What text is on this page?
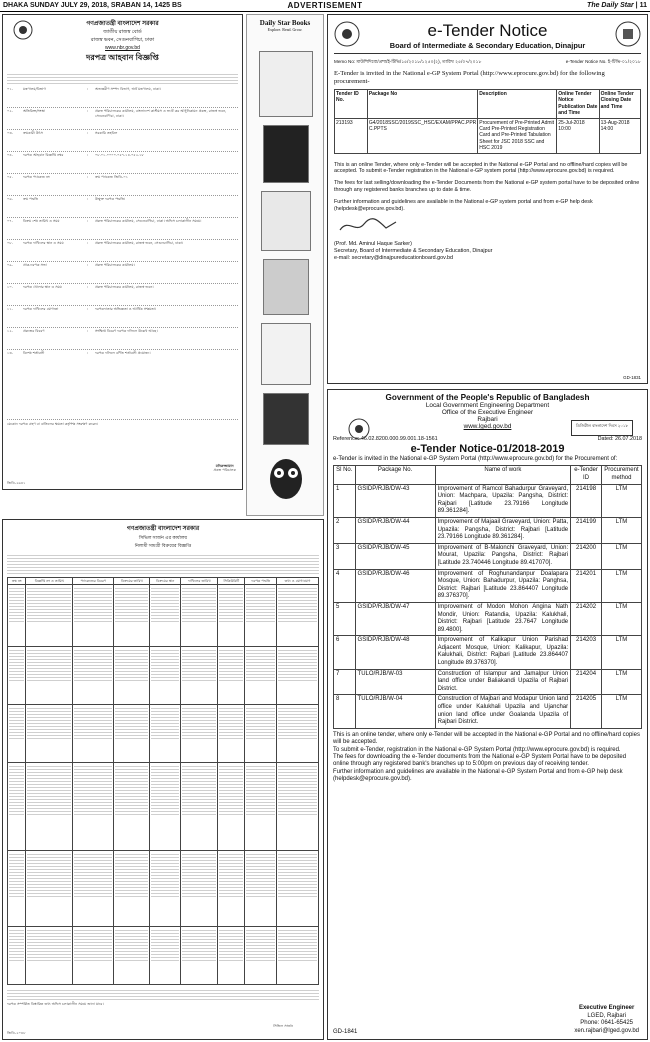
DHAKA SUNDAY JULY 29, 2018, SRABAN 14, 1425 BS	ADVERTISEMENT	The Daily Star | 11
গণপ্রজাতন্ত্রী বাংলাদেশ সরকার
জাতীয় রাজস্ব বোর্ড
রাজস্ব ভবন, সেগুনবাগিচা, ঢাকা
www.nbr.gov.bd
দরপত্র আহবান বিজ্ঞপ্তি
০১.	মন্ত্রণালয়/বিভাগ	:	অভ্যন্তরীণ সম্পদ বিভাগ, অর্থ মন্ত্রণালয়, ঢাকা।
০২.	অতিরিক্ত/সংস্থা	:	প্রকল্প পরিচালকের কার্যালয়, বাংলাদেশ কাস্টমস ও ভ্যাট কর আধুনিকায়ন প্রকল্প, রাজস্ব ভবন, সেগুনবাগিচা, ঢাকা।
০৩.	ক্রয়কারী উৎস	:	সরকারি তহবিল
০৪.	দরপত্র আহবান বিজ্ঞপ্তি নম্বর	:	০৮.০১.০০০০.০৫৭.১৪.০৫২.১৮
০৫.	দরপত্র প্যাকেজ নং	:	ক্রয় প্যাকেজ জিডি-০১
০৬.	ক্রয় পদ্ধতি	:	উন্মুক্ত দরপত্র পদ্ধতি।
০৭.	বিক্রয় শেষ তারিখ ও সময়	:	প্রকল্প পরিচালকের কার্যালয়, সেগুনবাগিচা, ঢাকা। অফিস চলাকালীন সময়ে।
০৮.	দরপত্র দাখিলের স্থান ও সময়	:	প্রকল্প পরিচালকের কার্যালয়, রাজস্ব ভবন, সেগুনবাগিচা, ঢাকা।
০৯.	প্রাক-দরপত্র সভা	:	প্রকল্প পরিচালকের কার্যালয়।
১০.	দরপত্র খোলার স্থান ও সময়	:	প্রকল্প পরিচালকের কার্যালয়, রাজস্ব ভবন।
১১.	দরপত্র দাখিলের যোগ্যতা	:	দরপত্রদাতার অভিজ্ঞতা ও আর্থিক সক্ষমতা।
১২.	প্রকল্পের বিবরণ	:	সংক্ষিপ্ত বিবরণ দরপত্র দলিলে উল্লেখ আছে।
১৩.	বিশেষ শর্তাবলী	:	দরপত্র দলিলে বর্ণিত শর্তাবলী প্রযোজ্য।
যেকোন দরপত্র গ্রহণ বা বাতিলের ক্ষমতা কর্তৃপক্ষ সংরক্ষণ করেন।
মনিরুজ্জামান
প্রকল্প পরিচালক
জিডি-২৬৪১
Daily Star Books
Explore. Read. Grow.	e-Tender Notice
Board of Intermediate & Secondary Education, Dinajpur
Memo No: মাউশিদিবো/প্রশা/ই-টিভি/১৫/২০১৮/১২৫০(২), তারিখ ২৫/০৭/২০১৮	e-Tender Notice No. ই-টিভি-০১/২০১৮
E-Tender is invited in the National e-GP System Portal (http://www.eprocure.gov.bd) for the following procurement-
Tender ID No.	Package No	Description	Online Tender Notice Publication Date and Time	Online Tender Closing Date and Time
213193	G4/2018SSC/2019SSC_HSC/EXAM/PPAC.PPR C.PPTS	Procurement of Pre-Printed Admit Card Pre-Printed Registration Card and Pre-Printed Tabulation Sheet for JSC 2018 SSC and HSC 2019	25-Jul-2018 10:00	13-Aug-2018 14:00
This is an online Tender, where only e-Tender will be accepted in the National e-GP Portal and no offline/hard copies will be accepted. To submit e-Tender registration in the National e-GP system portal (http://www.eprocure.gov.bd) is required.
The fees for last selling/downloading the e-Tender Documents from the National e-GP system portal have to be deposited online through any registered banks branches up to date & time.
Further information and guidelines are available in the National e-GP system portal and from e-GP help desk (helpdesk@eprocure.gov.bd).
(Prof. Md. Aminul Haque Sarker)
Secretary, Board of Intermediate & Secondary Education, Dinajpur
e-mail: secretary@dinajpureducationboard.gov.bd
GD-1831
Government of the People's Republic of Bangladesh
Local Government Engineering Department
Office of the Executive Engineer
Rajbari
www.lged.gov.bd	ডিজিটাল বাংলাদেশ দিবস ২০১৮
Reference: 46.02.8200.000.99.001.18-1561	Dated: 26.07.2018
e-Tender Notice-01/2018-2019
e-Tender is invited in the National e-GP System Portal (http://www.eprocure.gov.bd) for the Procurement of:
Sl No.	Package No.	Name of work	e-Tender ID	Procurement method
1	GSIDP/RJB/DW-43	Improvement of Ramcol Bahadurpur Graveyard, Union: Machpara, Upazila: Pangsha, District: Rajbari [Latitude 23.79166 Longitude 89.361284].	214198	LTM
2	GSIDP/RJB/DW-44	Improvement of Majaail Graveyard, Union: Patta, Upazila: Pangsha, District: Rajbari [Latitude 23.79166 Longitude 89.361284].	214199	LTM
3	GSIDP/RJB/DW-45	Improvement of B-Malonchi Graveyard, Union: Mourat, Upazila: Pangsha, District: Rajbari [Latitude 23.740446 Longitude 89.417070].	214200	LTM
4	GSIDP/RJB/DW-46	Improvement of Roghunandanpur Doalapara Mosque, Union: Bahadurpur, Upazila: Panghsa, District: Rajbari [Latitude 23.864407 Longitude 89.376370].	214201	LTM
5	GSIDP/RJB/DW-47	Improvement of Modon Mohon Angina Nath Mondir, Union: Ratandia, Upazila: Kalukhali, District: Rajbari [Latitude 23.7647 Longitude 89.4800].	214202	LTM
6	GSIDP/RJB/DW-48	Improvement of Kalikapur Union Parishad Adjacent Mosque, Union: Kalikapur, Upazila: Kalukhali, District: Rajbari [Latitude 23.864407 Longitude 89.376370].	214203	LTM
7	TULO/RJB/W-03	Construction of Islampur and Jamalpur Union land office under Baliakandi Upazila of Rajbari District.	214204	LTM
8	TULO/RJB/W-04	Construction of Majbari and Modapur Union land office under Kalukhali Upazila and Ujanchar union land office under Goalanda Upazila of Rajbari District.	214205	LTM
This is an online tender, where only e-Tender will be accepted in the National e-GP Portal and no offline/hard copies will be accepted.
To submit e-Tender, registration in the National e-GP System Portal (http://www.eprocure.gov.bd) is required.
The fees for downloading the e-Tender documents from the National e-GP System Portal have to be deposited online through any registered bank's branches up to 5:00pm on previous day of receiving tender.
Further information and guidelines are available in the National e-GP System Portal and from e-GP help desk (helpdesk@eprocure.gov.bd).
Executive Engineer
LGED, Rajbari
Phone: 0641-65425
xen.rajbari@lged.gov.bd
GD-1841
গণপ্রজাতন্ত্রী বাংলাদেশ সরকার
সিভিল সার্জন এর কার্যালয়
নিলামী সামগ্রী বিক্রয়ের বিজ্ঞপ্তি
ক্রঃ নং	বিজ্ঞপ্তি নং ও তারিখ	প্যাকেজের বিবরণ	বিক্রয়ের তারিখ	বিক্রয়ের স্থান	দাখিলের তারিখ	সিকিউরিটি	দরপত্র পদ্ধতি	তথ্য ও যোগাযোগ

দরপত্র সম্পর্কিত বিস্তারিত তথ্য অফিস চলাকালীন সময়ে জানা যাবে।
সিভিল সার্জন
জিডি-২০৪৮
